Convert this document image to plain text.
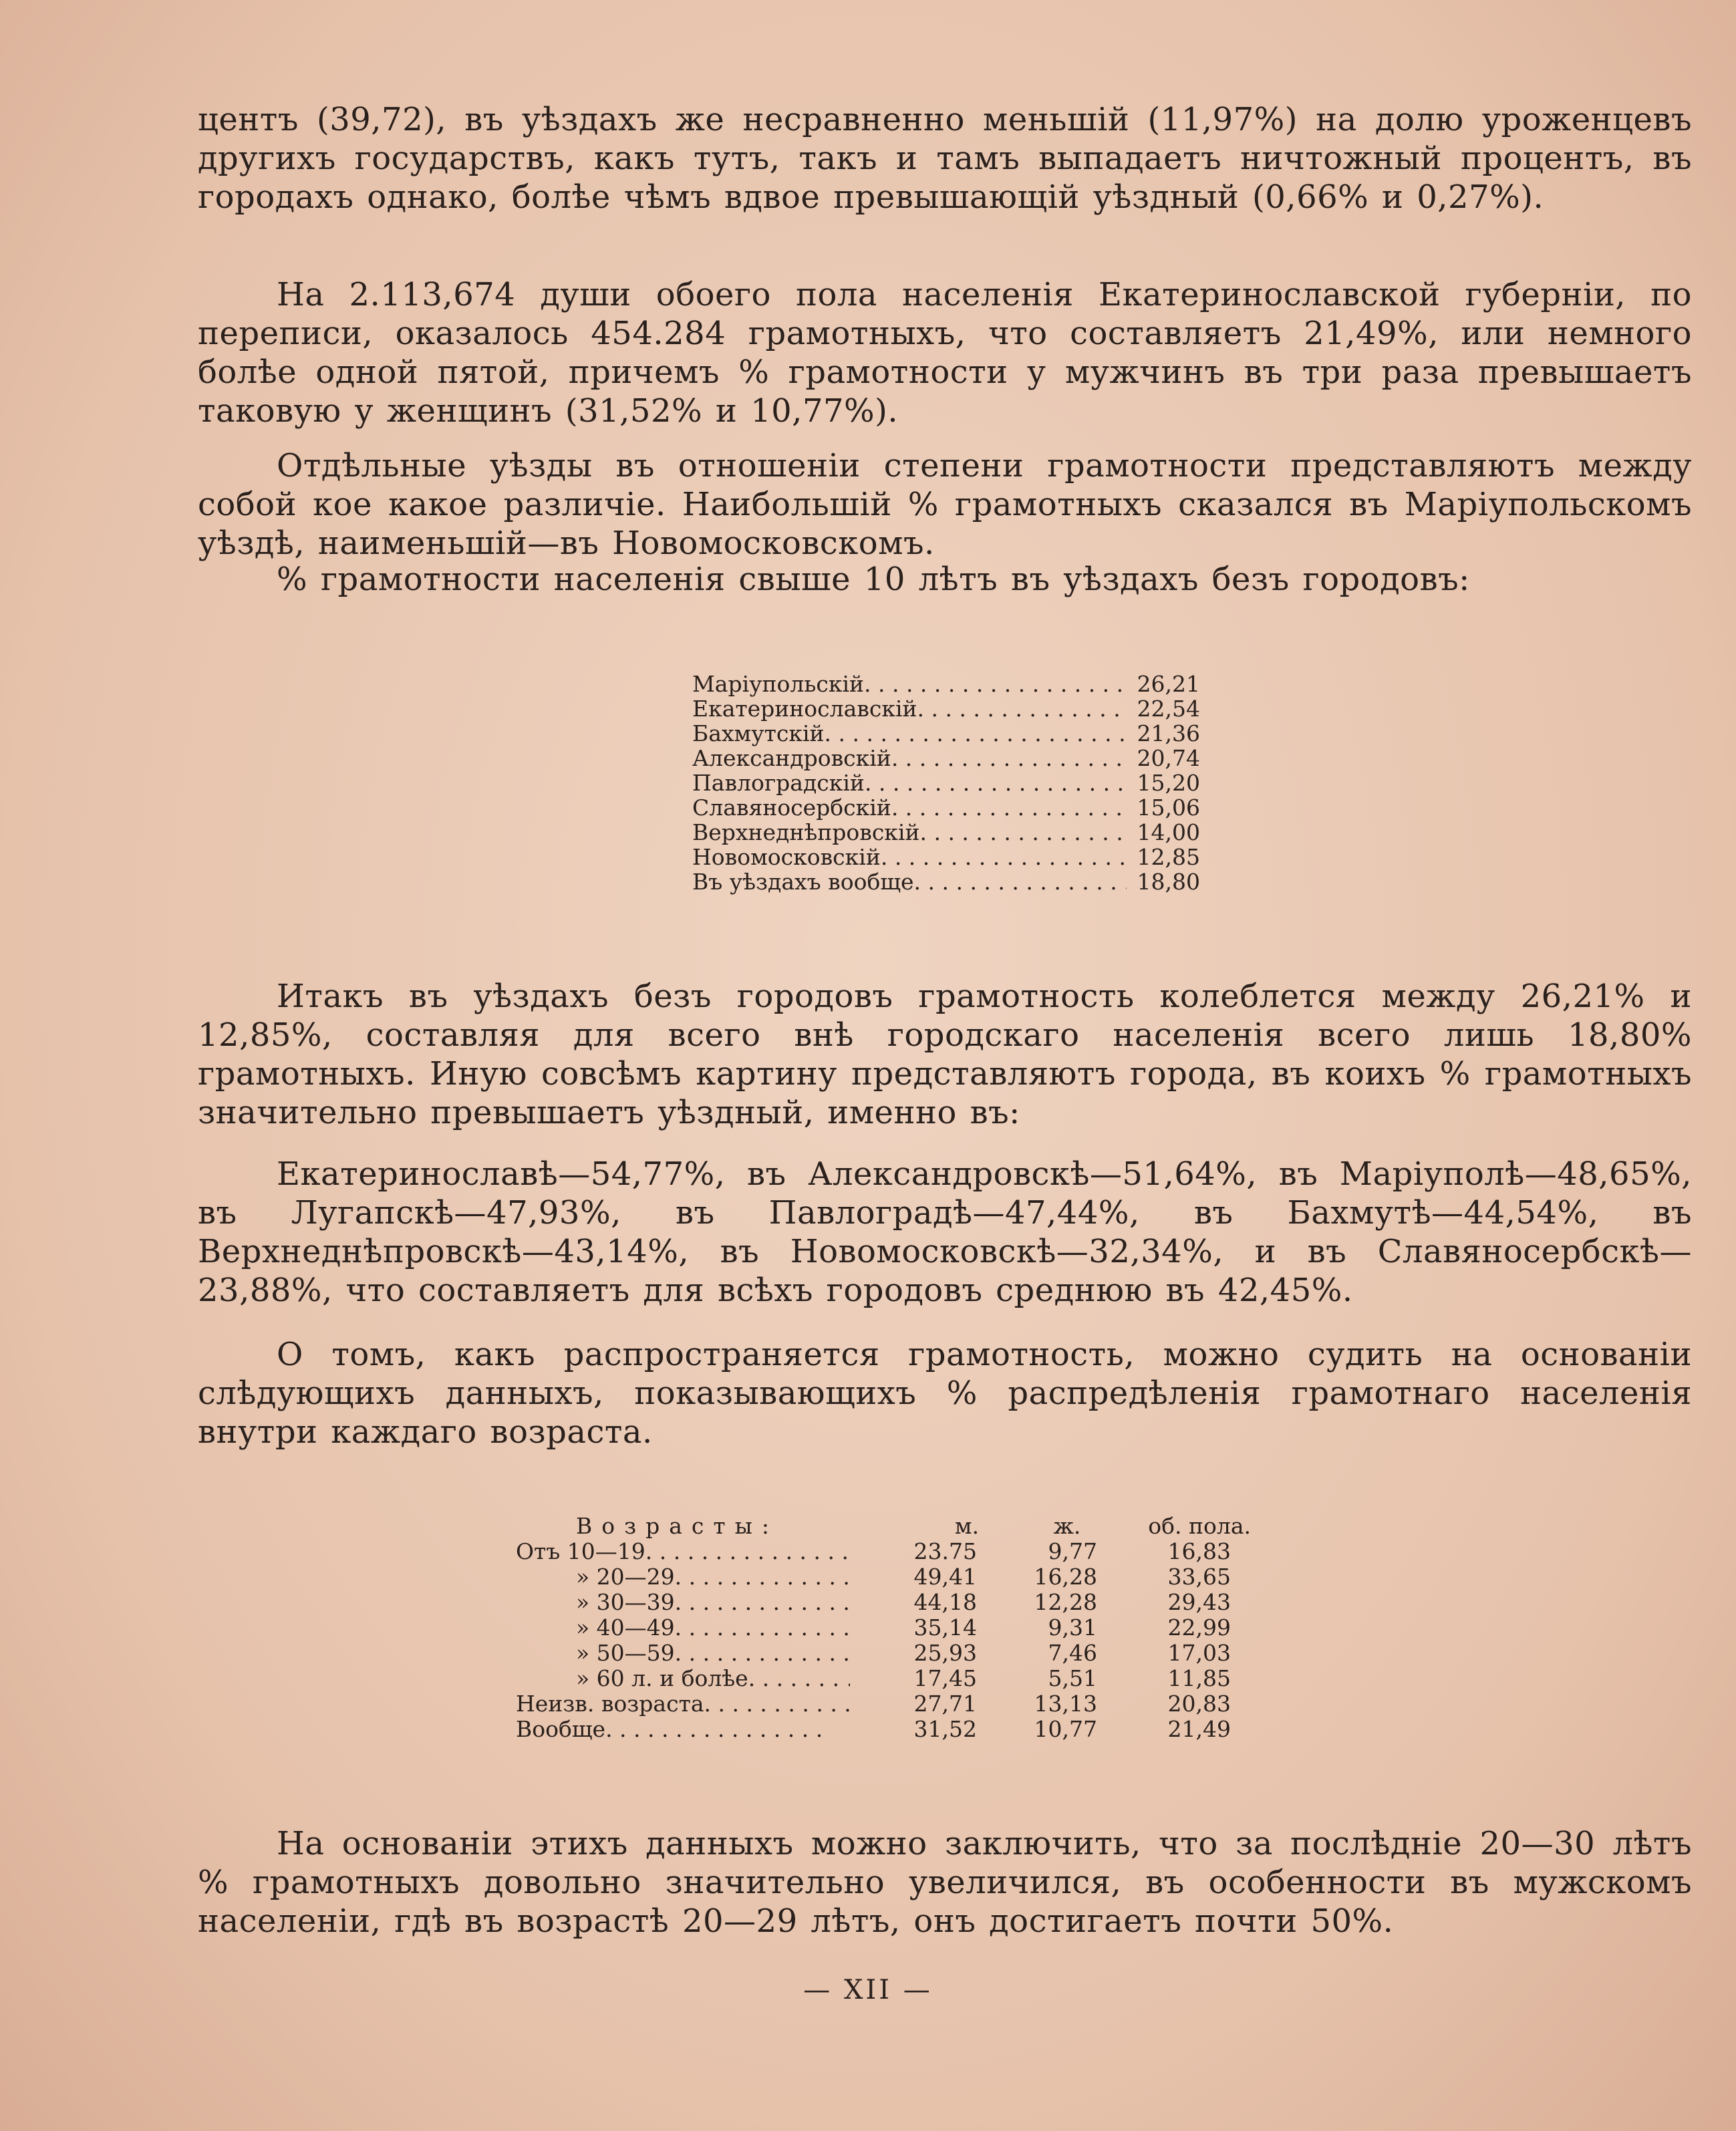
центъ (39,72), въ уѣздахъ же несравненно меньшій (11,97%) на долю уроженцевъ другихъ государствъ, какъ тутъ, такъ и тамъ выпадаетъ ничтожный процентъ, въ городахъ однако, болѣе чѣмъ вдвое превышающій уѣздный (0,66% и 0,27%).

На 2.113,674 души обоего пола населенія Екатеринославской губерніи, по переписи, оказалось 454.284 грамотныхъ, что составляетъ 21,49%, или немного болѣе одной пятой, причемъ % грамотности у мужчинъ въ три раза превышаетъ таковую у женщинъ (31,52% и 10,77%).

Отдѣльные уѣзды въ отношеніи степени грамотности представляютъ между собой кое какое различіе. Наибольшій % грамотныхъ сказался въ Маріупольскомъ уѣздѣ, наименьшій—въ Новомосковскомъ.

% грамотности населенія свыше 10 лѣтъ въ уѣздахъ безъ городовъ:

Маріупольскій . . .	26,21
Екатеринославскій . . .	22,54
Бахмутскій . . .	21,36
Александровскій . . .	20,74
Павлоградскій . . .	15,20
Славяносербскій . . .	15,06
Верхнеднѣпровскій . . .	14,00
Новомосковскій . . .	12,85
Въ уѣздахъ вообще . . .	18,80

Итакъ въ уѣздахъ безъ городовъ грамотность колеблется между 26,21% и 12,85%, составляя для всего внѣ городскаго населенія всего лишь 18,80% грамотныхъ. Иную совсѣмъ картину представляютъ города, въ коихъ % грамотныхъ значительно превышаетъ уѣздный, именно въ:

Екатеринославѣ—54,77%, въ Александровскѣ—51,64%, въ Маріуполѣ—48,65%, въ Лугапскѣ—47,93%, въ Павлоградѣ—47,44%, въ Бахмутѣ—44,54%, въ Верхнеднѣпровскѣ—43,14%, въ Новомосковскѣ—32,34%, и въ Славяносербскѣ—23,88%, что составляетъ для всѣхъ городовъ среднюю въ 42,45%.

О томъ, какъ распространяется грамотность, можно судить на основаніи слѣдующихъ данныхъ, показывающихъ % распредѣленія грамотнаго населенія внутри каждаго возраста.

Возрасты:	м.	ж.	об. пола.
Отъ 10—19 . . .	23.75	9,77	16,83
» 20—29 . . .	49,41	16,28	33,65
» 30—39 . . .	44,18	12,28	29,43
» 40—49 . . .	35,14	9,31	22,99
» 50—59 . . .	25,93	7,46	17,03
» 60 л. и болѣе . . .	17,45	5,51	11,85
Неизв. возраста . . .	27,71	13,13	20,83
Вообще . . .	31,52	10,77	21,49

На основаніи этихъ данныхъ можно заключить, что за послѣдніе 20—30 лѣтъ % грамотныхъ довольно значительно увеличился, въ особенности въ мужскомъ населеніи, гдѣ въ возрастѣ 20—29 лѣтъ, онъ достигаетъ почти 50%.

— XII —
